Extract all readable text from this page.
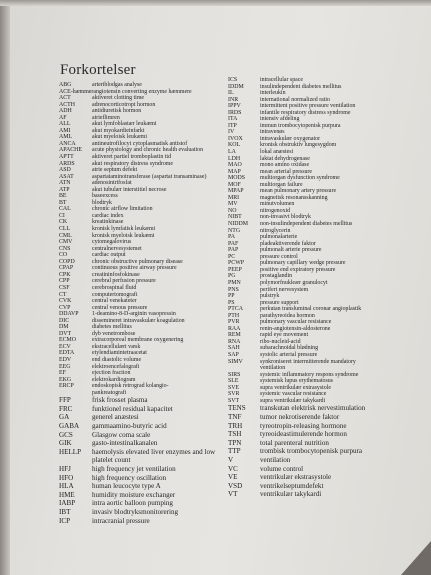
Forkortelser
ABG	arteriblodgas analyse
ACE-hæmmer angiotensin converting enzyme hæmmere
ACT	aktiveret clotting time
ACTH	adrenocorticotropt hormon
ADH	antidiuretisk hormon
AF	atrieflimren
ALL	akut lymfoblastær leukæmi
AMI	akut myokardieinfarkt
AML	akut myeloisk leukæmi
ANCA	antineutrofilocyt cytoplasmatisk antistof
APACHE	acute physiology and chronic health evaluation
APTT	aktiveret partiel tromboplastin tid
ARDS	akut respiratory distress syndrome
ASD	atrie septum defekt
ASAT	aspartataminotransferase (aspartat transaminase)
ATN	adenosintrifosfat
ATP	akut tubulær interstitiel necrose
BE	baseexcess
BT	blodtryk
CAL	chronic airflow limitation
CI	cardiac index
CK	kreatinkinase
CLL	kronisk lymfatisk leukæmi
CML	kronisk myeloisk leukæmi
CMV	cytomegalovirus
CNS	centralnervesystemet
CO	cardiac output
COPD	chronic obstructive pulmonary disease
CPAP	continuous positive airway pressure
CPK	creatininfosfokinase
CPP	cerebral perfusion pressure
CSF	cerebrospinal fluid
CT	computertomografi
CVK	central venekateter
CVP	central venous pressure
DDAVP	1-deamino-8-D-arginin vasopressin
DIC	dissemineret intravaskulær koagulation
DM	diabetes mellitus
DVT	dyb venetrombose
ECMO	extracorporeal membrane oxygenering
ECV	ekstracellulært væsk
EDTA	etylendiamintetraacetat
EDV	end diastolic volume
EEG	elektroencefalografi
EF	ejection fraction
EKG	elektrokardiogram
ERCP	endoskopisk retrograd kolangio-
pankreatografi
FFP	frisk frosset plasma
FRC	funktionel residual kapacitet
GA	generel anæstesi
GABA	gammaamino-butyric acid
GCS	Glasgow coma scale
GIK	gasto-intestinalkanalen
HELLP	haemolysis elevated liver enzymes and low
platelet count
HFJ	high frequency jet ventilation
HFO	high frequency oscillation
HLA	human leucocyte type A
HME	humidity moisture exchanger
IABP	intra aortic balloon pumping
IBT	invasiv blodtryksmonitorering
ICP	intracranial pressure
ICS	intracellular space
IDDM	insulindependent diabetes mellitus
IL	interleukin
INR	international normalized ratio
IPPV	intermittent positive pressure ventilation
IRDS	infantile respiratory distress syndrome
ITA	intensiv afdeling
ITP	immun trombocytopenisk purpura
IV	intravenøs
IVOX	intravaskulær oxygenator
KOL	kronisk obstruktiv lungesygdom
LA	lokal anæstesi
LDH	laktat dehydrogenase
MAO	mono amino oxidase
MAP	mean arterial pressure
MODS	multiorgan dysfunction syndrome
MOF	multiorgan failure
MPAP	mean pulmonary artery pressure
MRI	magnetisk resonansskanning
MV	minutvolumen
NO	nitrogenoxid
NIBT	non-invasivt blodtryk
NIDDM	non-insulindependent diabetes mellitus
NTG	nitroglycerin
PA	pulmonalarterie
PAF	pladeaktiverende faktor
PAP	pulmonalt arterie pressure
PC	pressure control
PCWP	pulmonary capillary wedge pressure
PEEP	positive end expiratory pressure
PG	prostaglandin
PMN	polymorfnukleær granulocyt
PNS	perifert nervesystem
PP	pulstryk
PS	pressure support
PTCA	perkutan transluminal coronar angioplastik
PTH	parathyreoidea hormon
PVR	pulmonary vascular resistance
RAA	renin-angiotensin-aldosterone
REM	rapid eye movement
RNA	ribo-nucleid-acid
SAH	subarachnoidal blødning
SAP	systolic arterial pressure
SIMV	synkroniseret intermitterende mandatory
ventilation
SIRS	systemic inflammatory respons syndrome
SLE	systemisk lupus erythematosus
SVE	supra ventrikulær extrasystole
SVR	systemic vascular resistance
SVT	supra ventrikulær takykardi
TENS	transkutan elektrisk nervestimulation
TNF	tumor nekrotiserende faktor
TRH	tyreotropin-releasing hormone
TSH	tyreoideastimulerende hormon
TPN	total parenteral nutrition
TTP	trombisk trombocytopenisk purpura
V	ventilation
VC	volume control
VE	ventrikulær ekstrasystole
VSD	ventrikelseptumdefekt
VT	ventrikulær takykardi
